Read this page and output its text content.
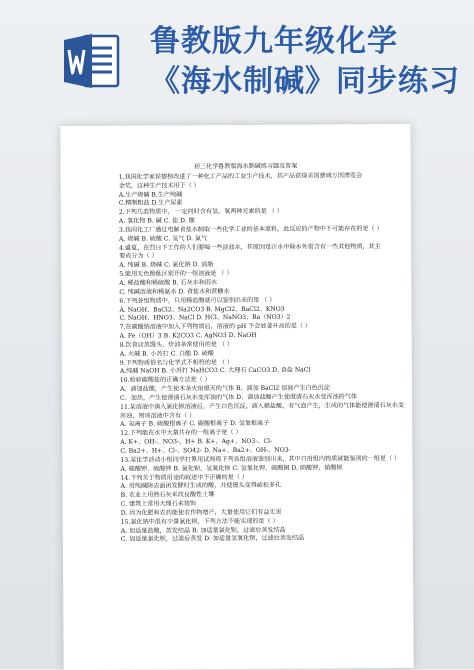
鲁教版九年级化学
《海水制碱》同步练习
初三化学鲁教版海水制碱练习题及答案
1.我国化学家侯德榜改进了一种化工产品的工业生产技术，其产品获得美国费城万国博览会
金奖，这种生产技术用于（ ）
A.生产烧碱 B.生产纯碱
C.精制粗盐 D.生产尿素
2.下列几类物质中， 一定同时含有氢、氧两种元素的是 （ ）
A. 氧化物 B. 碱 C. 盐 D. 酸
3.我国化工厂通过电解食盐水制取一些化学工业的基本原料，此反应的产物中不可能存在的是（ ）
A. 烧碱 B. 硫酸 C. 氢气 D. 氯气
4.盛夏，在烈日下工作的人们要喝一些淡盐水，其原因是汗水中除水外常含有一些其他物质，其主
要成分为（ ）
A. 纯碱 B. 烧碱 C. 氯化钠 D. 油脂
5.能用无色酚酞区别开的一组溶液是 （ ）
A. 稀盐酸和稀硫酸 B. 石灰水和雨水
C. 纯碱溶液和稀氨水 D. 食盐水和蔗糖水
6.下列各组物质中，只用稀盐酸就可以鉴别出来的是 （ ）
A. NaOH、BaCl2、Na2CO3 B. MgCl2、BaCl2、KNO3
C. NaOH、HNO3、NaCl D. HCl、NaNO3、Ba（NO3）2
7.在碳酸钠溶液中加入下列物质后，溶液的 pH 不会显著升高的是（ ）
A. Fe（OH）3 B. K2CO3 C. AgNO3 D. NaOH
8.饮食店蒸馒头、炸油条常使用的是 （ ）
A. 火碱 B. 小苏打 C. 白醋 D. 硫酸
9.下列物质俗名与化学式不相符的是 （ ）
A.纯碱 NaOH B. 小苏打 NaHCO3 C. 大理石 CaCO3 D. 食盐 NaCl
10.检验碳酸盐的正确方法是（ ）
A、滴加盐酸，产生使木条火焰熄灭的气体 B、滴加 BaCl2 溶液产生白色沉淀
C、加热，产生使澄清石灰水变浑浊的气体 D、滴加盐酸产生使澄清石灰水变浑浊的气体
11.某溶液中滴入氯化钡溶液后，产生白色沉淀，滴入稀盐酸，有气泡产生，生成的气体能使澄清石灰水变
浑浊，则该溶液中含有（ ）
A. 氢离子 B. 硫酸根离子 C. 碳酸根离子 D. 氢氧根离子
12.下列能在水中大量共存的一组离子是（ ）
A. K+、OH-、NO3-、H+ B. K+、Ag+、NO3-、Cl-
C. Ba2+、H+、Cl-、SO42- D. Na+、Ba2+、OH-、NO3-
13.某化学活动小组同学打算用试剂将下列各组溶液鉴别出来，其中只用组内物质就能鉴别的一组是（ ）
A. 碳酸钾、硫酸钾 B. 氯化钡、氢氧化钡 C. 氢氧化钾、硫酸铜 D. 硝酸钾、硝酸钡
14.下列关于物质用途的叙述中不正确的是（ ）
A. 用纯碱除去面团发酵时生成的酸，并使馒头变得疏松多孔
B. 农业上用熟石灰来改良酸性土壤
C. 建筑上常用大理石来装饰
D. 因为化肥和农药能使农作物增产，大量使用它们有益无害
15.氯化钠中混有少量氯化钡，下列方法不能实现的是（ ）
A. 加适量盐酸，蒸发结晶 B. 加适量氯化钡，过滤后蒸发结晶
C. 加适量氯化钡，过滤后蒸发 D. 加适量氢氧化钡，过滤后蒸发结晶
